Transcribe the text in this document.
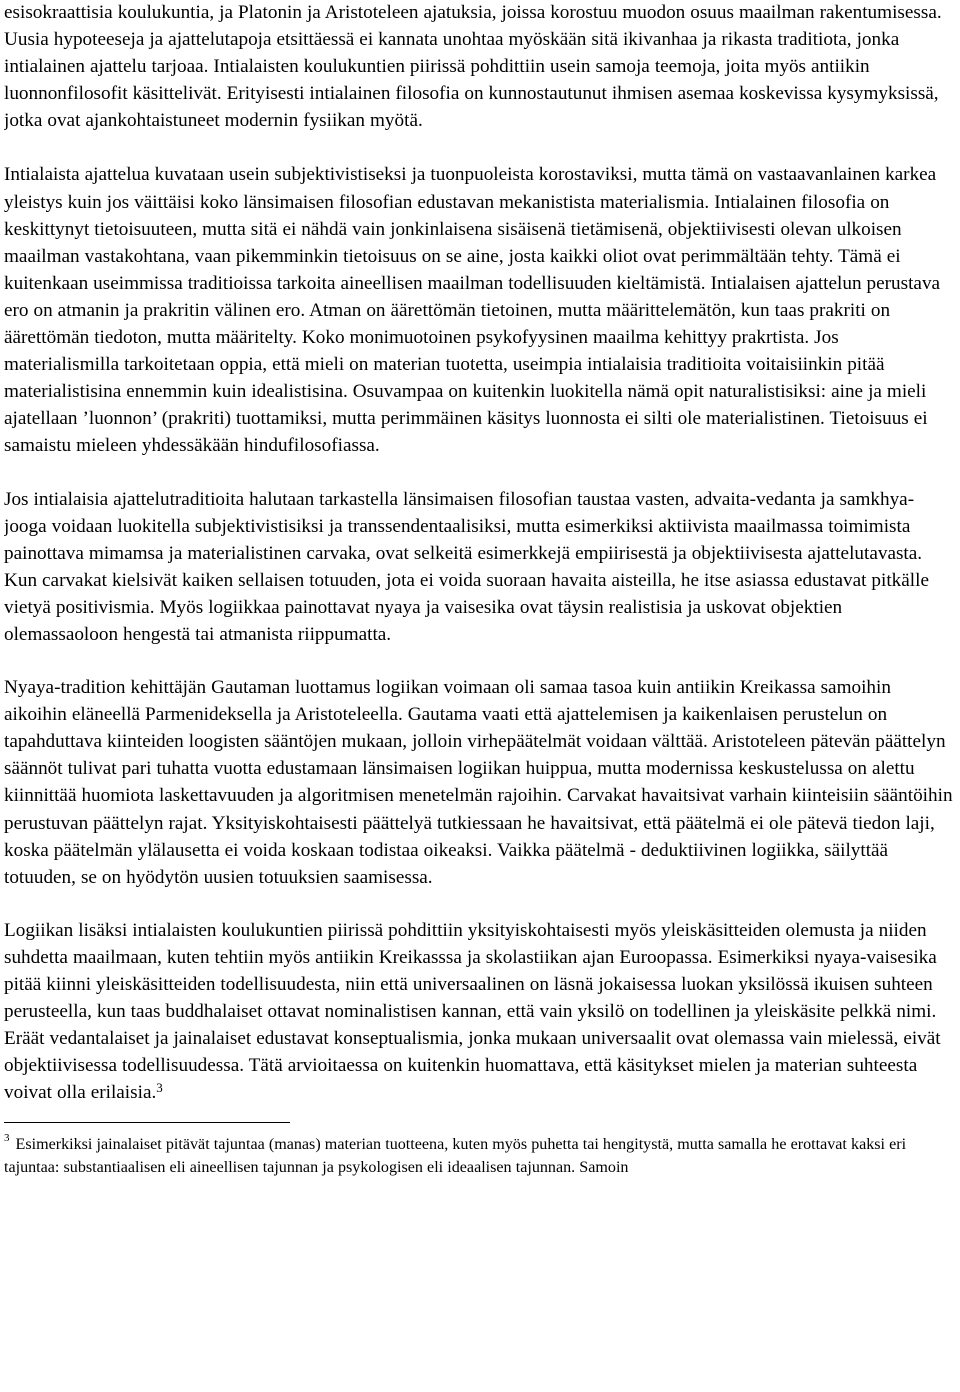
esisokraattisia koulukuntia, ja Platonin ja Aristoteleen ajatuksia, joissa korostuu muodon osuus maailman rakentumisessa. Uusia hypoteeseja ja ajattelutapoja etsittäessä ei kannata unohtaa myöskään sitä ikivanhaa ja rikasta traditiota, jonka intialainen ajattelu tarjoaa. Intialaisten koulukuntien piirissä pohdittiin usein samoja teemoja, joita myös antiikin luonnonfilosofit käsittelivät. Erityisesti intialainen filosofia on kunnostautunut ihmisen asemaa koskevissa kysymyksissä, jotka ovat ajankohtaistuneet modernin fysiikan myötä.

Intialaista ajattelua kuvataan usein subjektivistiseksi ja tuonpuoleista korostaviksi, mutta tämä on vastaavanlainen karkea yleistys kuin jos väittäisi koko länsimaisen filosofian edustavan mekanistista materialismia. Intialainen filosofia on keskittynyt tietoisuuteen, mutta sitä ei nähdä vain jonkinlaisena sisäisenä tietämisenä, objektiivisesti olevan ulkoisen maailman vastakohtana, vaan pikemminkin tietoisuus on se aine, josta kaikki oliot ovat perimmältään tehty. Tämä ei kuitenkaan useimmissa traditioissa tarkoita aineellisen maailman todellisuuden kieltämistä. Intialaisen ajattelun perustava ero on atmanin ja prakritin välinen ero. Atman on äärettömän tietoinen, mutta määrittelemätön, kun taas prakriti on äärettömän tiedoton, mutta määritelty. Koko monimuotoinen psykofyysinen maailma kehittyy prakrtista. Jos materialismilla tarkoitetaan oppia, että mieli on materian tuotetta, useimpia intialaisia traditioita voitaisiinkin pitää materialistisina ennemmin kuin idealistisina. Osuvampaa on kuitenkin luokitella nämä opit naturalistisiksi: aine ja mieli ajatellaan ’luonnon’ (prakriti) tuottamiksi, mutta perimmäinen käsitys luonnosta ei silti ole materialistinen. Tietoisuus ei samaistu mieleen yhdessäkään hindufilosofiassa.

Jos intialaisia ajattelutraditioita halutaan tarkastella länsimaisen filosofian taustaa vasten, advaita-vedanta ja samkhya-jooga voidaan luokitella subjektivistisiksi ja transsendentaalisiksi, mutta esimerkiksi aktiivista maailmassa toimimista painottava mimamsa ja materialistinen carvaka, ovat selkeitä esimerkkejä empiirisestä ja objektiivisesta ajattelutavasta. Kun carvakat kielsivät kaiken sellaisen totuuden, jota ei voida suoraan havaita aisteilla, he itse asiassa edustavat pitkälle vietyä positivismia. Myös logiikkaa painottavat nyaya ja vaisesika ovat täysin realistisia ja uskovat objektien olemassaoloon hengestä tai atmanista riippumatta.

Nyaya-tradition kehittäjän Gautaman luottamus logiikan voimaan oli samaa tasoa kuin antiikin Kreikassa samoihin aikoihin eläneellä Parmenideksella ja Aristoteleella. Gautama vaati että ajattelemisen ja kaikenlaisen perustelun on tapahduttava kiinteiden loogisten sääntöjen mukaan, jolloin virhepäätelmät voidaan välttää. Aristoteleen pätevän päättelyn säännöt tulivat pari tuhatta vuotta edustamaan länsimaisen logiikan huippua, mutta modernissa keskustelussa on alettu kiinnittää huomiota laskettavuuden ja algoritmisen menetelmän rajoihin. Carvakat havaitsivat varhain kiinteisiin sääntöihin perustuvan päättelyn rajat. Yksityiskohtaisesti päättelyä tutkiessaan he havaitsivat, että päätelmä ei ole pätevä tiedon laji, koska päätelmän ylälausetta ei voida koskaan todistaa oikeaksi. Vaikka päätelmä - deduktiivinen logiikka, säilyttää totuuden, se on hyödytön uusien totuuksien saamisessa.

Logiikan lisäksi intialaisten koulukuntien piirissä pohdittiin yksityiskohtaisesti myös yleiskäsitteiden olemusta ja niiden suhdetta maailmaan, kuten tehtiin myös antiikin Kreikasssa ja skolastiikan ajan Euroopassa. Esimerkiksi nyaya-vaisesika pitää kiinni yleiskäsitteiden todellisuudesta, niin että universaalinen on läsnä jokaisessa luokan yksilössä ikuisen suhteen perusteella, kun taas buddhalaiset ottavat nominalistisen kannan, että vain yksilö on todellinen ja yleiskäsite pelkkä nimi. Eräät vedantalaiset ja jainalaiset edustavat konseptualismia, jonka mukaan universaalit ovat olemassa vain mielessä, eivät objektiivisessa todellisuudessa. Tätä arvioitaessa on kuitenkin huomattava, että käsitykset mielen ja materian suhteesta voivat olla erilaisia.$^3$

$^3$ Esimerkiksi jainalaiset pitävät tajuntaa (manas) materian tuotteena, kuten myös puhetta tai hengitystä, mutta samalla he erottavat kaksi eri tajuntaa: substantiaalisen eli aineellisen tajunnan ja psykologisen eli ideaalisen tajunnan. Samoin
